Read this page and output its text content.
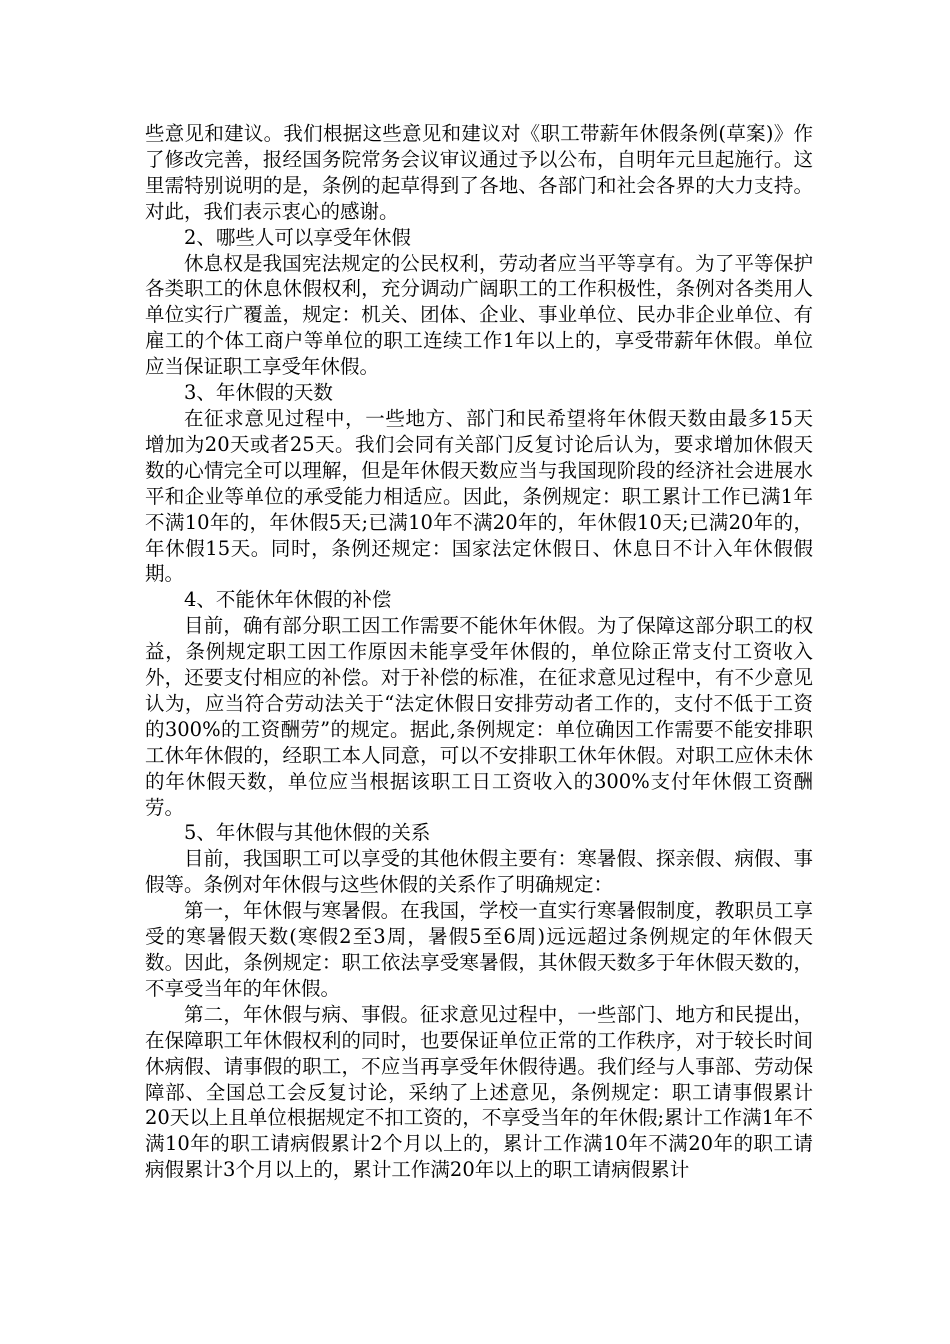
些意见和建议。我们根据这些意见和建议对《职工带薪年休假条例(草案)》作了修改完善，报经国务院常务会议审议通过予以公布，自明年元旦起施行。这里需特别说明的是，条例的起草得到了各地、各部门和社会各界的大力支持。对此，我们表示衷心的感谢。

2、哪些人可以享受年休假

休息权是我国宪法规定的公民权利，劳动者应当平等享有。为了平等保护各类职工的休息休假权利，充分调动广阔职工的工作积极性，条例对各类用人单位实行广覆盖，规定：机关、团体、企业、事业单位、民办非企业单位、有雇工的个体工商户等单位的职工连续工作1年以上的，享受带薪年休假。单位应当保证职工享受年休假。

3、年休假的天数

在征求意见过程中，一些地方、部门和民希望将年休假天数由最多15天增加为20天或者25天。我们会同有关部门反复讨论后认为，要求增加休假天数的心情完全可以理解，但是年休假天数应当与我国现阶段的经济社会进展水平和企业等单位的承受能力相适应。因此，条例规定：职工累计工作已满1年不满10年的，年休假5天;已满10年不满20年的，年休假10天;已满20年的，年休假15天。同时，条例还规定：国家法定休假日、休息日不计入年休假假期。

4、不能休年休假的补偿

目前，确有部分职工因工作需要不能休年休假。为了保障这部分职工的权益，条例规定职工因工作原因未能享受年休假的，单位除正常支付工资收入外，还要支付相应的补偿。对于补偿的标准，在征求意见过程中，有不少意见认为，应当符合劳动法关于“法定休假日安排劳动者工作的，支付不低于工资的300%的工资酬劳”的规定。据此,条例规定：单位确因工作需要不能安排职工休年休假的，经职工本人同意，可以不安排职工休年休假。对职工应休未休的年休假天数，单位应当根据该职工日工资收入的300%支付年休假工资酬劳。

5、年休假与其他休假的关系

目前，我国职工可以享受的其他休假主要有：寒暑假、探亲假、病假、事假等。条例对年休假与这些休假的关系作了明确规定：

第一，年休假与寒暑假。在我国，学校一直实行寒暑假制度，教职员工享受的寒暑假天数(寒假2至3周，暑假5至6周)远远超过条例规定的年休假天数。因此，条例规定：职工依法享受寒暑假，其休假天数多于年休假天数的，不享受当年的年休假。

第二，年休假与病、事假。征求意见过程中，一些部门、地方和民提出，在保障职工年休假权利的同时，也要保证单位正常的工作秩序，对于较长时间休病假、请事假的职工，不应当再享受年休假待遇。我们经与人事部、劳动保障部、全国总工会反复讨论，采纳了上述意见，条例规定：职工请事假累计20天以上且单位根据规定不扣工资的，不享受当年的年休假;累计工作满1年不满10年的职工请病假累计2个月以上的，累计工作满10年不满20年的职工请病假累计3个月以上的，累计工作满20年以上的职工请病假累计
